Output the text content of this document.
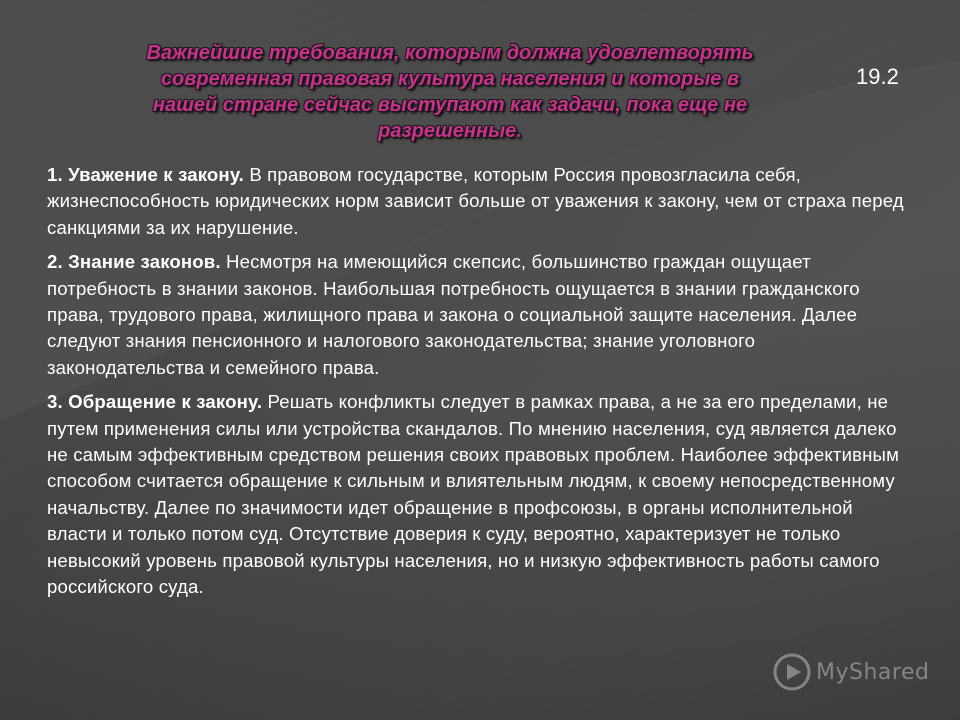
Важнейшие требования, которым должна удовлетворять современная правовая культура населения и которые в нашей стране сейчас выступают как задачи, пока еще не разрешенные.
19.2

1. Уважение к закону. В правовом государстве, которым Россия провозгласила себя, жизнеспособность юридических норм зависит больше от уважения к закону, чем от страха перед санкциями за их нарушение.

2. Знание законов. Несмотря на имеющийся скепсис, большинство граждан ощущает потребность в знании законов. Наибольшая потребность ощущается в знании гражданского права, трудового права, жилищного права и закона о социальной защите населения. Далее следуют знания пенсионного и налогового законодательства; знание уголовного законодательства и семейного права.

3. Обращение к закону. Решать конфликты следует в рамках права, а не за его пределами, не путем применения силы или устройства скандалов. По мнению населения, суд является далеко не самым эффективным средством решения своих правовых проблем. Наиболее эффективным способом считается обращение к сильным и влиятельным людям, к своему непосредственному начальству. Далее по значимости идет обращение в профсоюзы, в органы исполнительной власти и только потом суд. Отсутствие доверия к суду, вероятно, характеризует не только невысокий уровень правовой культуры населения, но и низкую эффективность работы самого российского суда.

MyShared
